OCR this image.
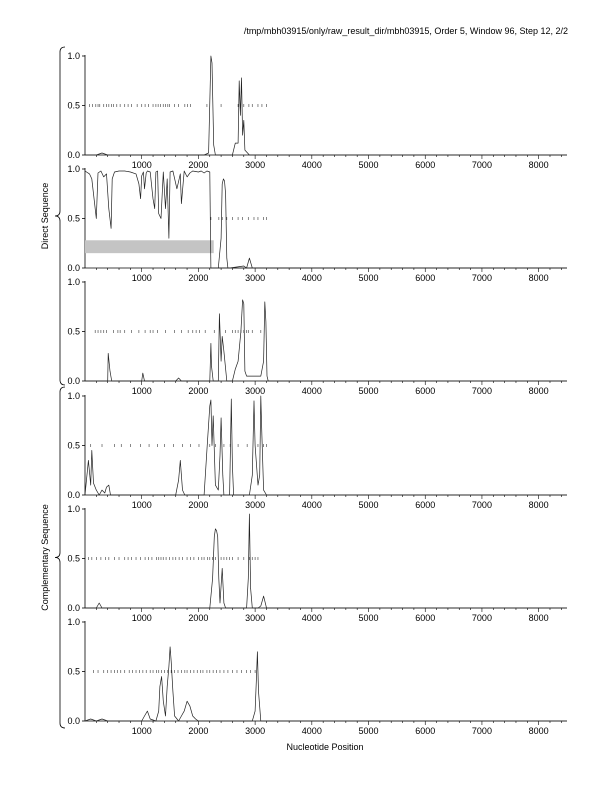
/tmp/mbh03915/only/raw_result_dir/mbh03915, Order 5, Window 96, Step 12, 2/2
0.0
0.5
1.0
1000	2000	3000	4000	5000	6000	7000	8000
0.0
0.5
1.0
1000	2000	3000	4000	5000	6000	7000	8000
0.0
0.5
1.0
1000	2000	3000	4000	5000	6000	7000	8000
0.0
0.5
1.0
1000	2000	3000	4000	5000	6000	7000	8000
0.0
0.5
1.0
1000	2000	3000	4000	5000	6000	7000	8000
0.0
0.5
1.0
1000	2000	3000	4000	5000	6000	7000	8000
Direct Sequence
Complementary Sequence
Nucleotide Position
